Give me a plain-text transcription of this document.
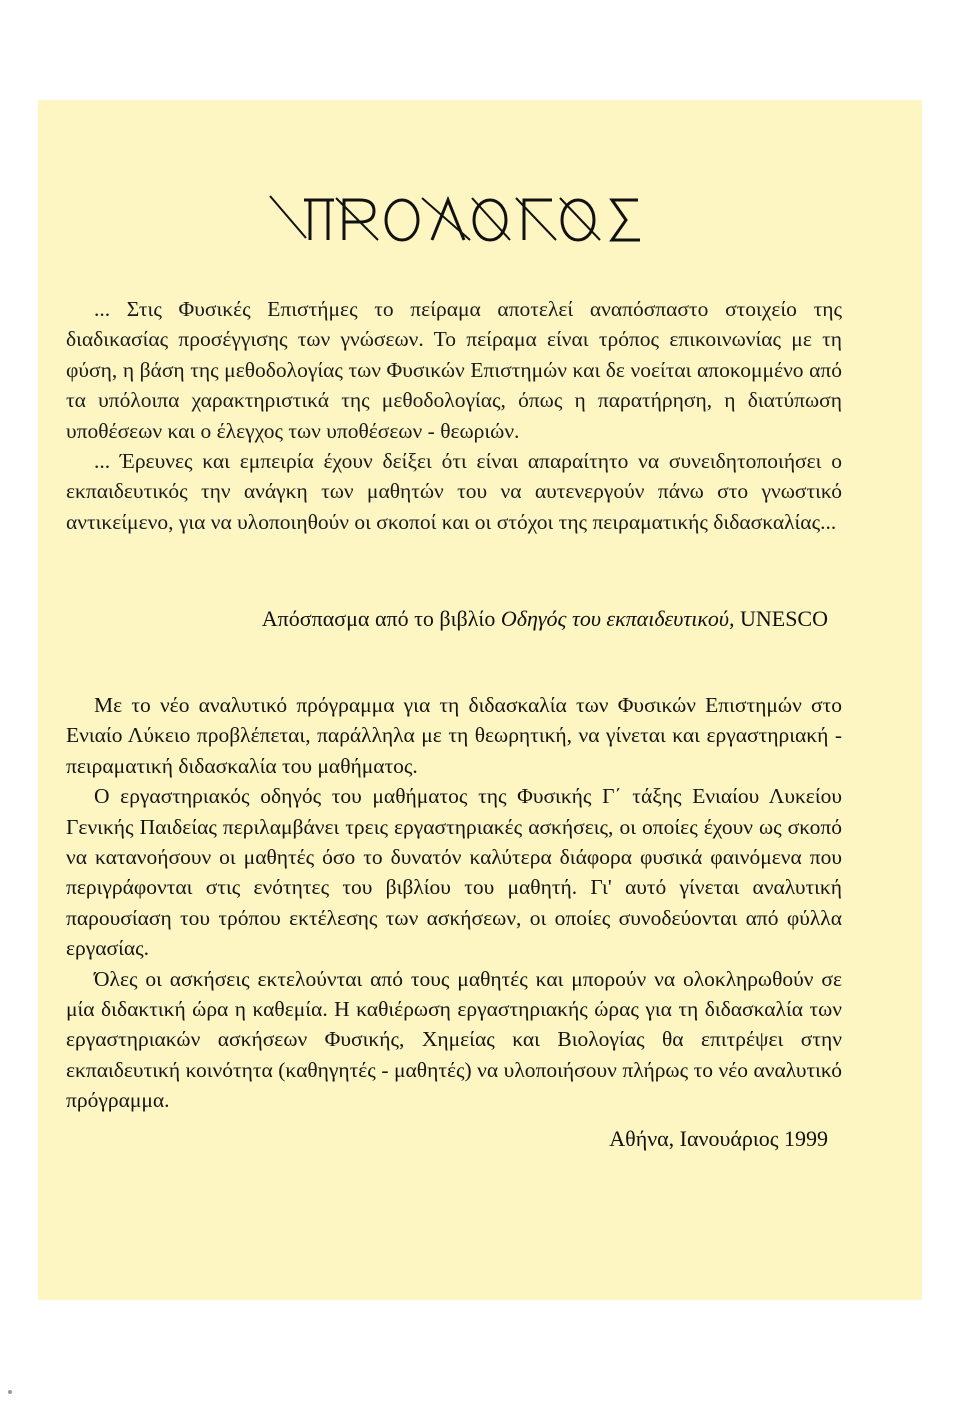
... Στις Φυσικές Επιστήμες το πείραμα αποτελεί αναπόσπαστο στοιχείο της διαδικασίας προσέγγισης των γνώσεων. Το πείραμα είναι τρόπος επικοινωνίας με τη φύση, η βάση της μεθοδολογίας των Φυσικών Επιστημών και δε νοείται αποκομμένο από τα υπόλοιπα χαρακτηριστικά της μεθοδολογίας, όπως η παρατήρηση, η διατύπωση υποθέσεων και ο έλεγχος των υποθέσεων - θεωριών.

... Έρευνες και εμπειρία έχουν δείξει ότι είναι απαραίτητο να συνειδητοποιήσει ο εκπαιδευτικός την ανάγκη των μαθητών του να αυτενεργούν πάνω στο γνωστικό αντικείμενο, για να υλοποιηθούν οι σκοποί και οι στόχοι της πειραματικής διδασκαλίας...

Απόσπασμα από το βιβλίο Οδηγός του εκπαιδευτικού, UNESCO

Με το νέο αναλυτικό πρόγραμμα για τη διδασκαλία των Φυσικών Επιστημών στο Ενιαίο Λύκειο προβλέπεται, παράλληλα με τη θεωρητική, να γίνεται και εργαστηριακή - πειραματική διδασκαλία του μαθήματος.

Ο εργαστηριακός οδηγός του μαθήματος της Φυσικής Γ΄ τάξης Ενιαίου Λυκείου Γενικής Παιδείας περιλαμβάνει τρεις εργαστηριακές ασκήσεις, οι οποίες έχουν ως σκοπό να κατανοήσουν οι μαθητές όσο το δυνατόν καλύτερα διάφορα φυσικά φαινόμενα που περιγράφονται στις ενότητες του βιβλίου του μαθητή. Γι' αυτό γίνεται αναλυτική παρουσίαση του τρόπου εκτέλεσης των ασκήσεων, οι οποίες συνοδεύονται από φύλλα εργασίας.

Όλες οι ασκήσεις εκτελούνται από τους μαθητές και μπορούν να ολοκληρωθούν σε μία διδακτική ώρα η καθεμία. Η καθιέρωση εργαστηριακής ώρας για τη διδασκαλία των εργαστηριακών ασκήσεων Φυσικής, Χημείας και Βιολογίας θα επιτρέψει στην εκπαιδευτική κοινότητα (καθηγητές - μαθητές) να υλοποιήσουν πλήρως το νέο αναλυτικό πρόγραμμα.

Αθήνα, Ιανουάριος 1999
